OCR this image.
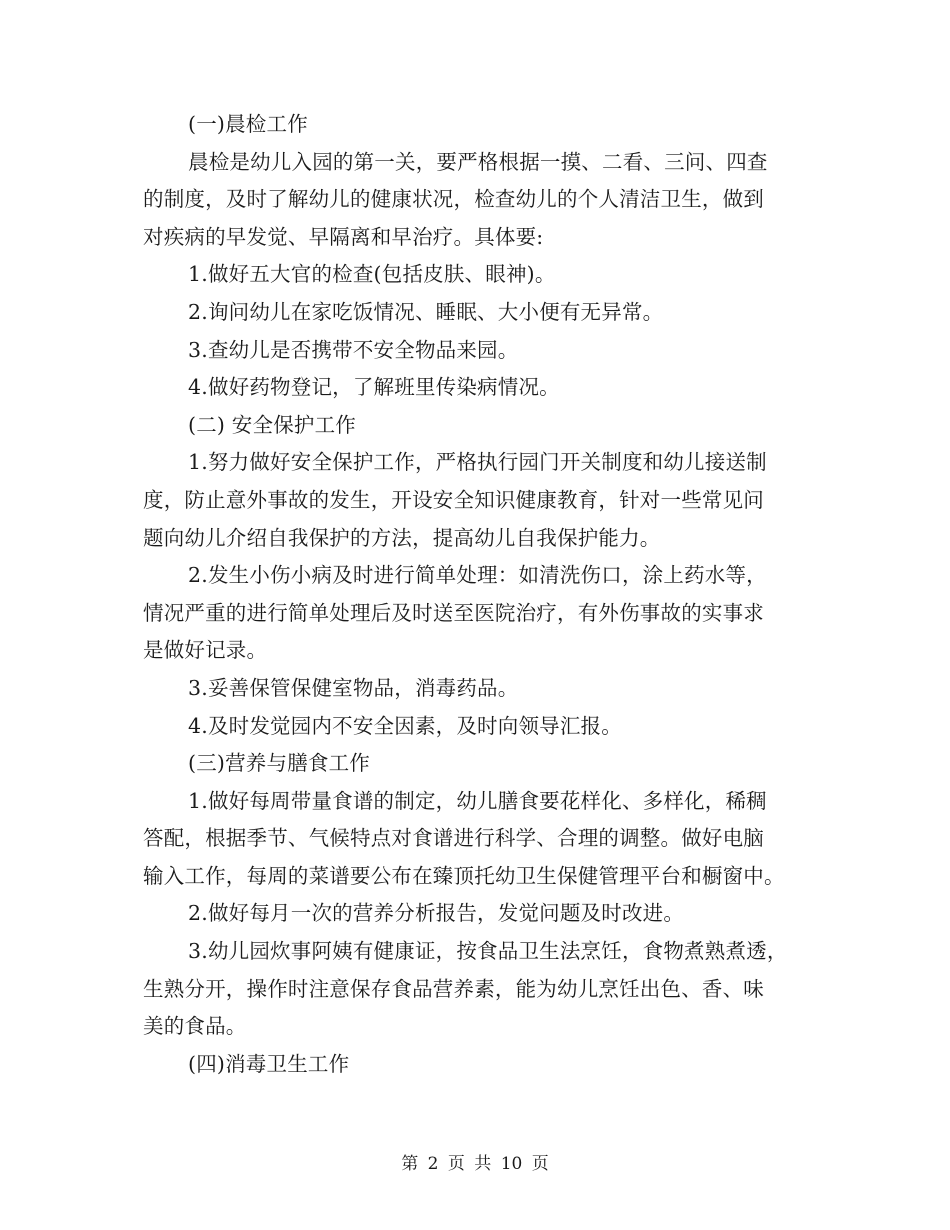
(一)晨检工作
晨检是幼儿入园的第一关，要严格根据一摸、二看、三问、四查
的制度，及时了解幼儿的健康状况，检查幼儿的个人清洁卫生，做到
对疾病的早发觉、早隔离和早治疗。具体要:
1.做好五大官的检查(包括皮肤、眼神)。
2.询问幼儿在家吃饭情况、睡眠、大小便有无异常。
3.查幼儿是否携带不安全物品来园。
4.做好药物登记，了解班里传染病情况。
(二) 安全保护工作
1.努力做好安全保护工作，严格执行园门开关制度和幼儿接送制
度，防止意外事故的发生，开设安全知识健康教育，针对一些常见问
题向幼儿介绍自我保护的方法，提高幼儿自我保护能力。
2.发生小伤小病及时进行简单处理：如清洗伤口，涂上药水等，
情况严重的进行简单处理后及时送至医院治疗，有外伤事故的实事求
是做好记录。
3.妥善保管保健室物品，消毒药品。
4.及时发觉园内不安全因素，及时向领导汇报。
(三)营养与膳食工作
1.做好每周带量食谱的制定，幼儿膳食要花样化、多样化，稀稠
答配，根据季节、气候特点对食谱进行科学、合理的调整。做好电脑
输入工作，每周的菜谱要公布在臻顶托幼卫生保健管理平台和橱窗中。
2.做好每月一次的营养分析报告，发觉问题及时改进。
3.幼儿园炊事阿姨有健康证，按食品卫生法烹饪，食物煮熟煮透，
生熟分开，操作时注意保存食品营养素，能为幼儿烹饪出色、香、味
美的食品。
(四)消毒卫生工作
第 2 页 共 10 页
